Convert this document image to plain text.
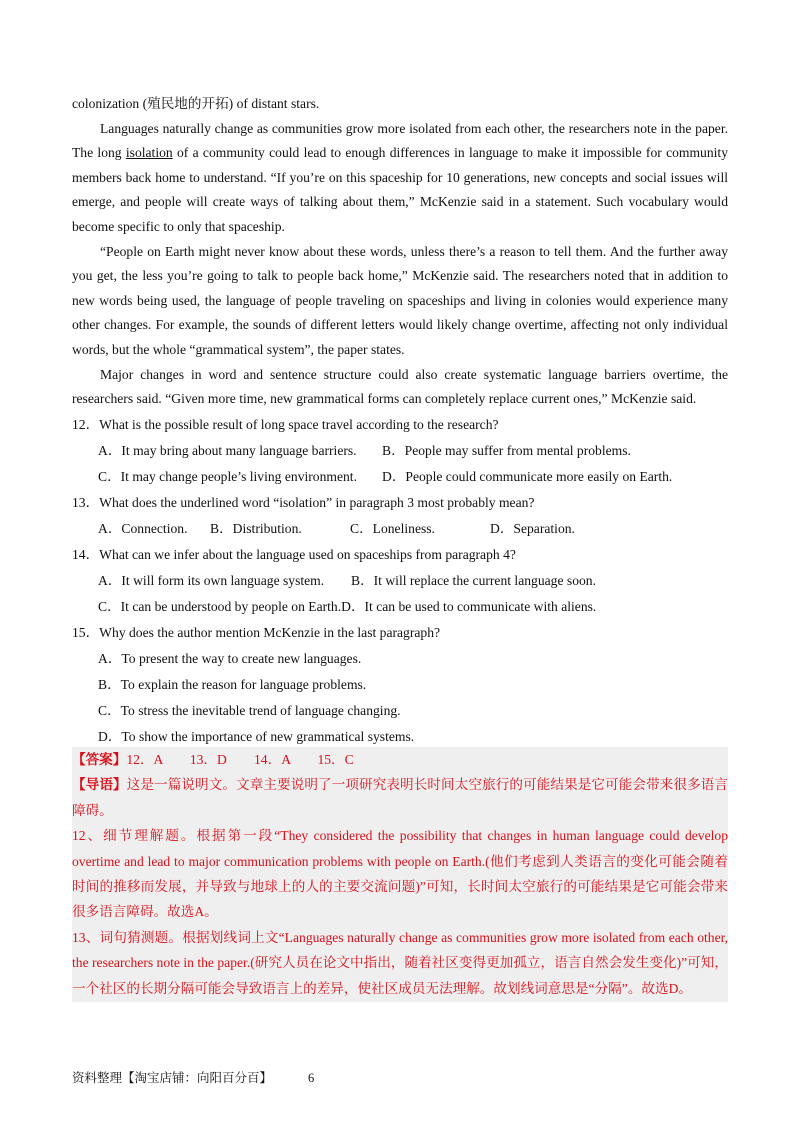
colonization (殖民地的开拓) of distant stars.

Languages naturally change as communities grow more isolated from each other, the researchers note in the paper. The long isolation of a community could lead to enough differences in language to make it impossible for community members back home to understand. “If you’re on this spaceship for 10 generations, new concepts and social issues will emerge, and people will create ways of talking about them,” McKenzie said in a statement. Such vocabulary would become specific to only that spaceship.

“People on Earth might never know about these words, unless there’s a reason to tell them. And the further away you get, the less you’re going to talk to people back home,” McKenzie said. The researchers noted that in addition to new words being used, the language of people traveling on spaceships and living in colonies would experience many other changes. For example, the sounds of different letters would likely change overtime, affecting not only individual words, but the whole “grammatical system”, the paper states.

Major changes in word and sentence structure could also create systematic language barriers overtime, the researchers said. “Given more time, new grammatical forms can completely replace current ones,” McKenzie said.

12．What is the possible result of long space travel according to the research?

A．It may bring about many language barriers. B．People may suffer from mental problems.

C．It may change people’s living environment. D．People could communicate more easily on Earth.

13．What does the underlined word “isolation” in paragraph 3 most probably mean?

A．Connection. B．Distribution.	C．Loneliness.	D．Separation.

14．What can we infer about the language used on spaceships from paragraph 4?

A．It will form its own language system. B．It will replace the current language soon.

C．It can be understood by people on Earth.D．It can be used to communicate with aliens.

15．Why does the author mention McKenzie in the last paragraph?

A．To present the way to create new languages.

B．To explain the reason for language problems.

C．To stress the inevitable trend of language changing.

D．To show the importance of new grammatical systems.

【答案】12．A　　13．D　　14．A　　15．C

【导语】这是一篇说明文。文章主要说明了一项研究表明长时间太空旅行的可能结果是它可能会带来很多语言障碍。

12、细节理解题。根据第一段“They considered the possibility that changes in human language could develop overtime and lead to major communication problems with people on Earth.(他们考虑到人类语言的变化可能会随着时间的推移而发展，并导致与地球上的人的主要交流问题)”可知，长时间太空旅行的可能结果是它可能会带来很多语言障碍。故选A。

13、词句猜测题。根据划线词上文“Languages naturally change as communities grow more isolated from each other, the researchers note in the paper.(研究人员在论文中指出，随着社区变得更加孤立，语言自然会发生变化)”可知，一个社区的长期分隔可能会导致语言上的差异，使社区成员无法理解。故划线词意思是“分隔”。故选D。

资料整理【淘宝店铺：向阳百分百】	6
